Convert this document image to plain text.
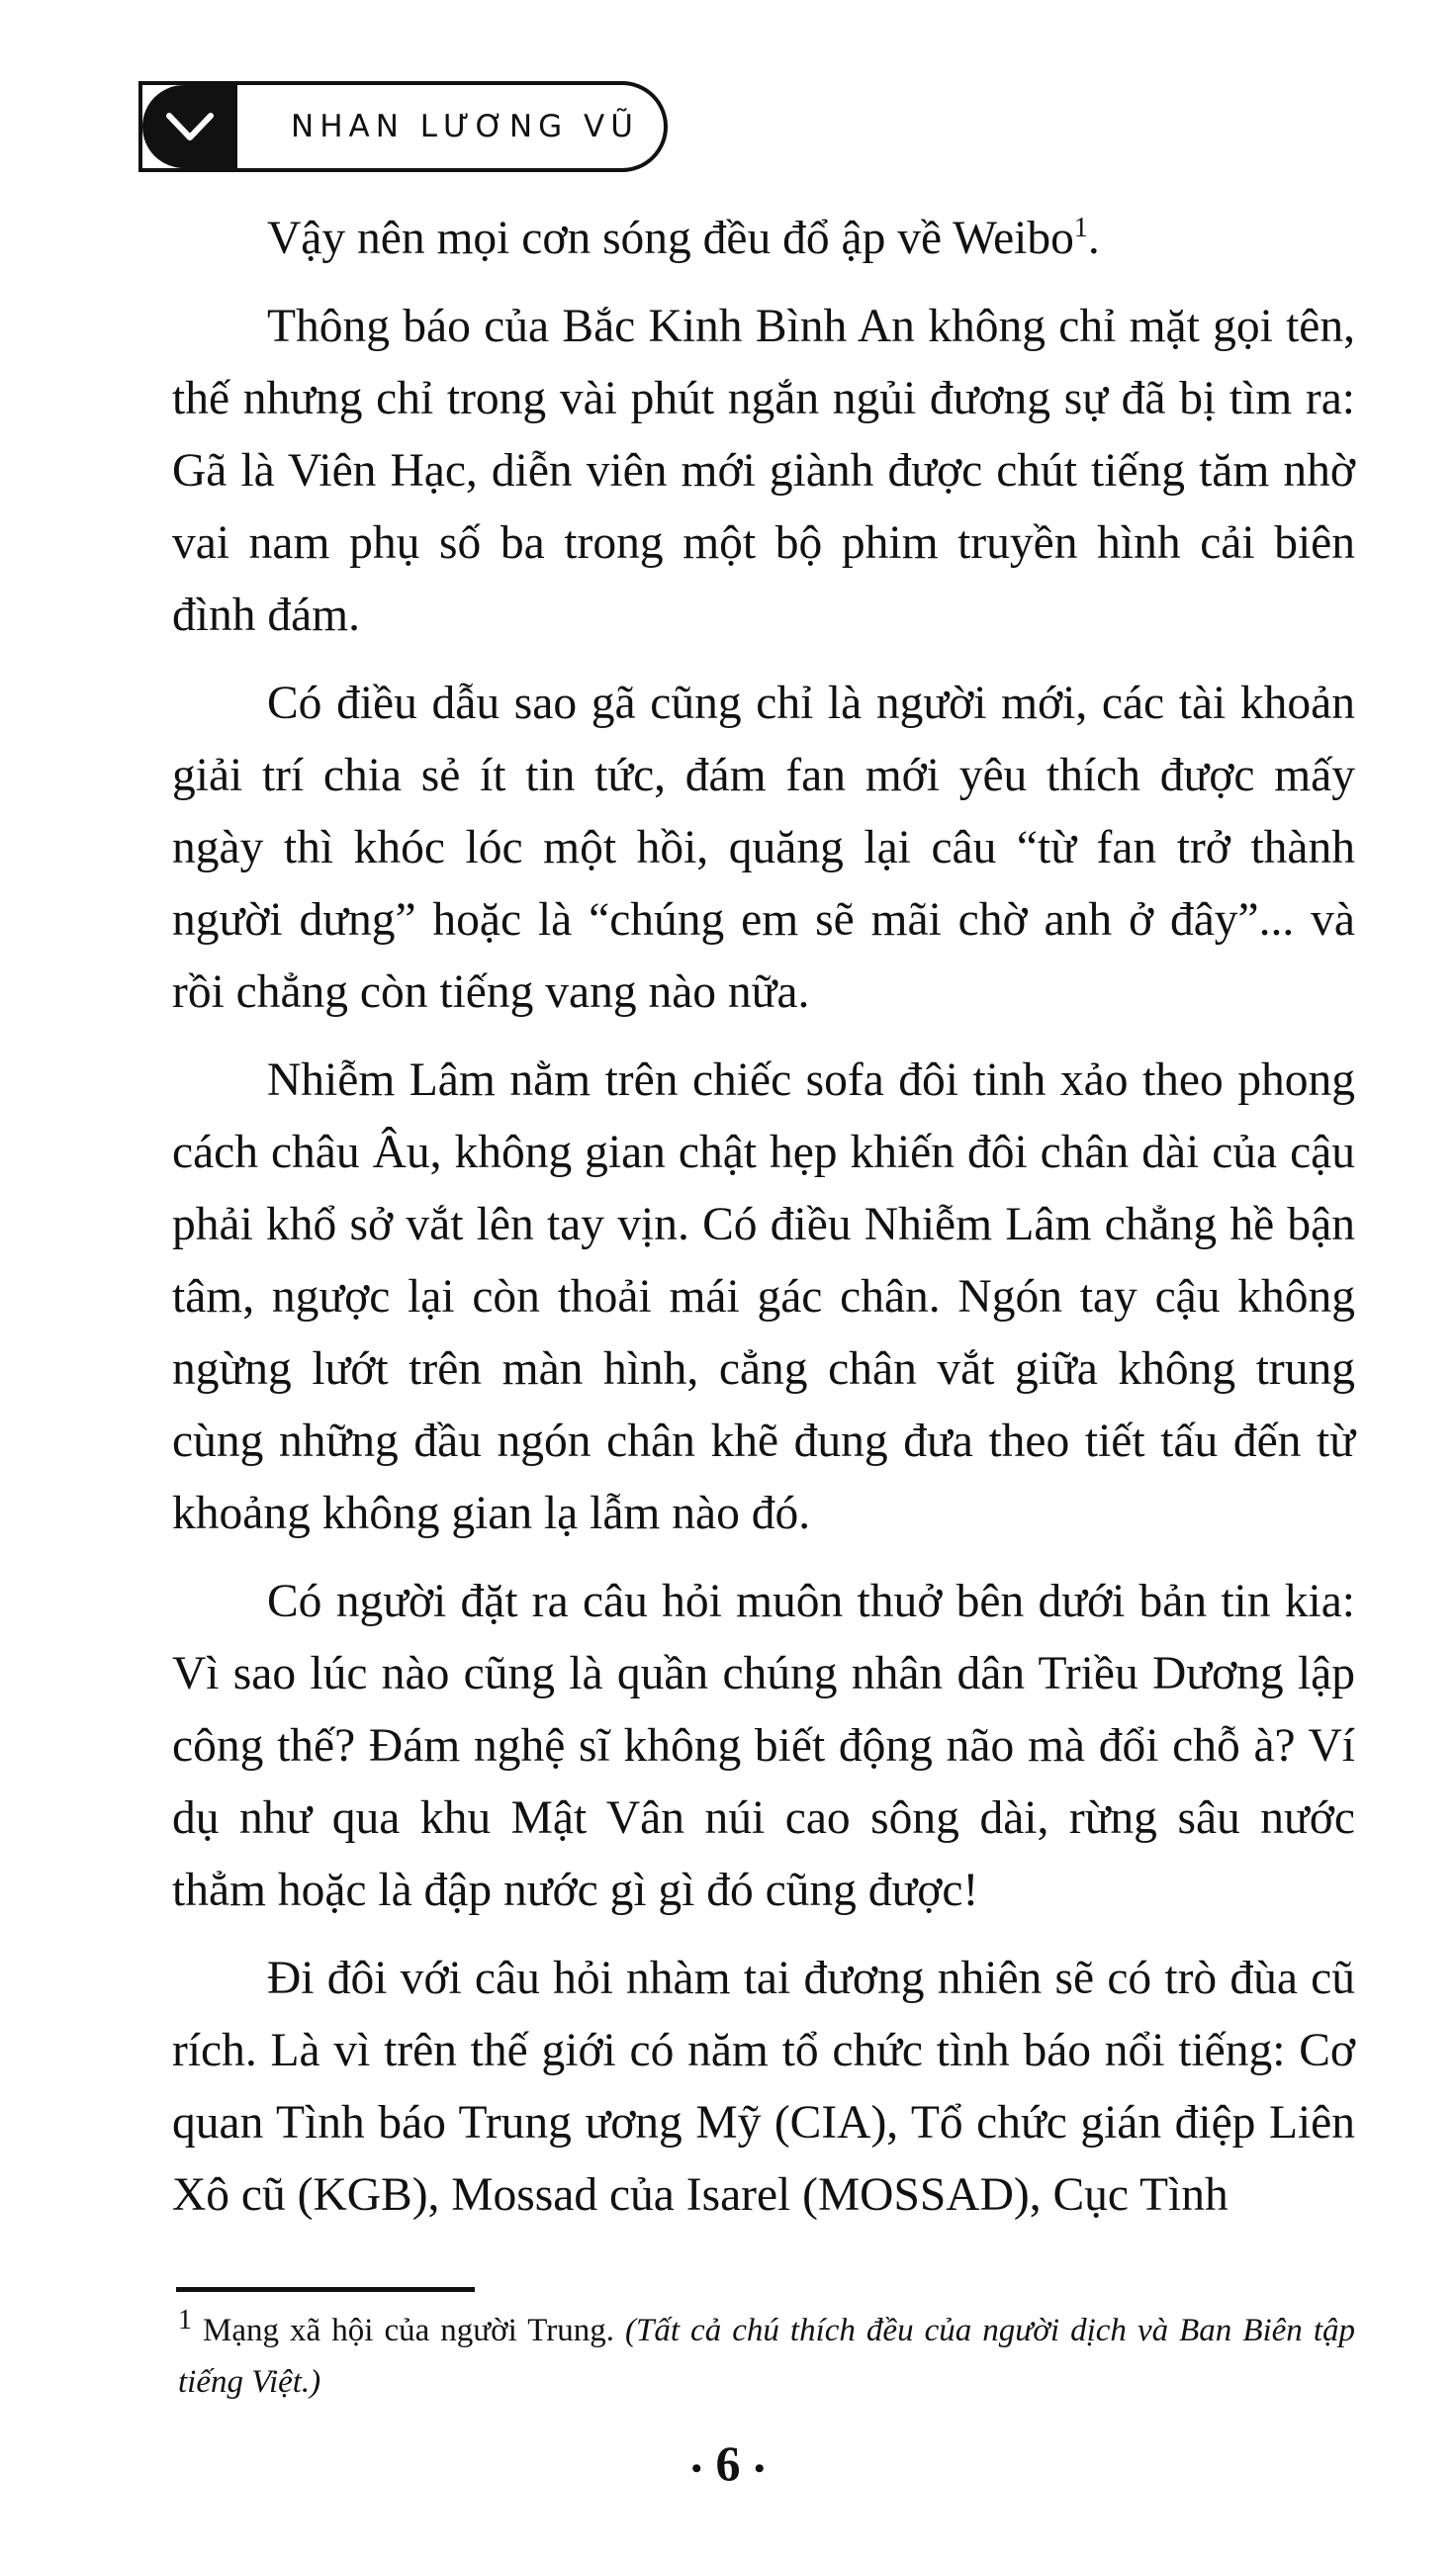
NHAN LƯƠNG VŨ

Vậy nên mọi cơn sóng đều đổ ập về Weibo$^1$.

Thông báo của Bắc Kinh Bình An không chỉ mặt gọi tên, thế nhưng chỉ trong vài phút ngắn ngủi đương sự đã bị tìm ra: Gã là Viên Hạc, diễn viên mới giành được chút tiếng tăm nhờ vai nam phụ số ba trong một bộ phim truyền hình cải biên đình đám.

Có điều dẫu sao gã cũng chỉ là người mới, các tài khoản giải trí chia sẻ ít tin tức, đám fan mới yêu thích được mấy ngày thì khóc lóc một hồi, quăng lại câu “từ fan trở thành người dưng” hoặc là “chúng em sẽ mãi chờ anh ở đây”... và rồi chẳng còn tiếng vang nào nữa.

Nhiễm Lâm nằm trên chiếc sofa đôi tinh xảo theo phong cách châu Âu, không gian chật hẹp khiến đôi chân dài của cậu phải khổ sở vắt lên tay vịn. Có điều Nhiễm Lâm chẳng hề bận tâm, ngược lại còn thoải mái gác chân. Ngón tay cậu không ngừng lướt trên màn hình, cẳng chân vắt giữa không trung cùng những đầu ngón chân khẽ đung đưa theo tiết tấu đến từ khoảng không gian lạ lẫm nào đó.

Có người đặt ra câu hỏi muôn thuở bên dưới bản tin kia: Vì sao lúc nào cũng là quần chúng nhân dân Triều Dương lập công thế? Đám nghệ sĩ không biết động não mà đổi chỗ à? Ví dụ như qua khu Mật Vân núi cao sông dài, rừng sâu nước thẳm hoặc là đập nước gì gì đó cũng được!

Đi đôi với câu hỏi nhàm tai đương nhiên sẽ có trò đùa cũ rích. Là vì trên thế giới có năm tổ chức tình báo nổi tiếng: Cơ quan Tình báo Trung ương Mỹ (CIA), Tổ chức gián điệp Liên Xô cũ (KGB), Mossad của Isarel (MOSSAD), Cục Tình

$^1$ Mạng xã hội của người Trung. (Tất cả chú thích đều của người dịch và Ban Biên tập tiếng Việt.)
• 6 •
